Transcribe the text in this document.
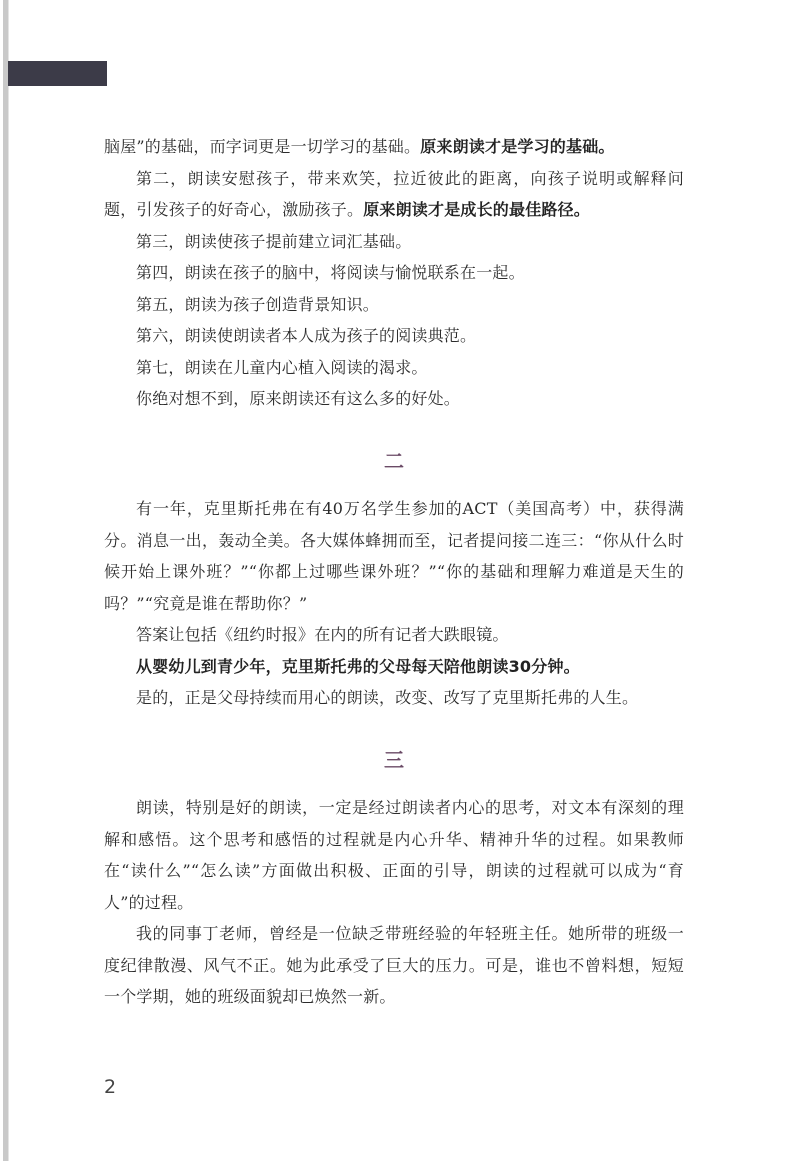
脑屋”的基础，而字词更是一切学习的基础。原来朗读才是学习的基础。

第二，朗读安慰孩子，带来欢笑，拉近彼此的距离，向孩子说明或解释问题，引发孩子的好奇心，激励孩子。原来朗读才是成长的最佳路径。

第三，朗读使孩子提前建立词汇基础。

第四，朗读在孩子的脑中，将阅读与愉悦联系在一起。

第五，朗读为孩子创造背景知识。

第六，朗读使朗读者本人成为孩子的阅读典范。

第七，朗读在儿童内心植入阅读的渴求。

你绝对想不到，原来朗读还有这么多的好处。

二

有一年，克里斯托弗在有40万名学生参加的ACT（美国高考）中，获得满分。消息一出，轰动全美。各大媒体蜂拥而至，记者提问接二连三：“你从什么时候开始上课外班？”“你都上过哪些课外班？”“你的基础和理解力难道是天生的吗？”“究竟是谁在帮助你？”

答案让包括《纽约时报》在内的所有记者大跌眼镜。

从婴幼儿到青少年，克里斯托弗的父母每天陪他朗读30分钟。

是的，正是父母持续而用心的朗读，改变、改写了克里斯托弗的人生。

三

朗读，特别是好的朗读，一定是经过朗读者内心的思考，对文本有深刻的理解和感悟。这个思考和感悟的过程就是内心升华、精神升华的过程。如果教师在“读什么”“怎么读”方面做出积极、正面的引导，朗读的过程就可以成为“育人”的过程。

我的同事丁老师，曾经是一位缺乏带班经验的年轻班主任。她所带的班级一度纪律散漫、风气不正。她为此承受了巨大的压力。可是，谁也不曾料想，短短一个学期，她的班级面貌却已焕然一新。

2
